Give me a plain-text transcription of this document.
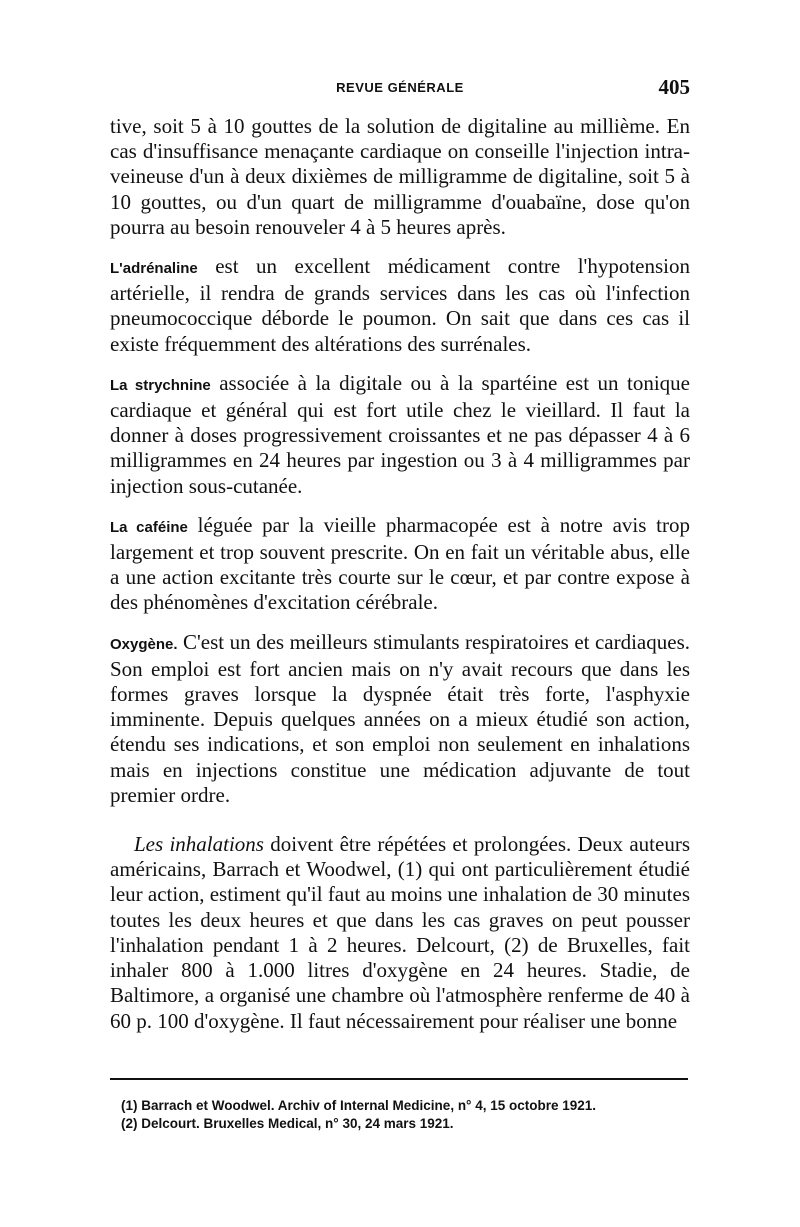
REVUE GÉNÉRALE	405

tive, soit 5 à 10 gouttes de la solution de digitaline au millième. En cas d'insuffisance menaçante cardiaque on conseille l'injection intra-veineuse d'un à deux dixièmes de milligramme de digitaline, soit 5 à 10 gouttes, ou d'un quart de milligramme d'ouabaïne, dose qu'on pourra au besoin renouveler 4 à 5 heures après.

L'adrénaline est un excellent médicament contre l'hypotension artérielle, il rendra de grands services dans les cas où l'infection pneumococcique déborde le poumon. On sait que dans ces cas il existe fréquemment des altérations des surrénales.

La strychnine associée à la digitale ou à la spartéine est un tonique cardiaque et général qui est fort utile chez le vieillard. Il faut la donner à doses progressivement croissantes et ne pas dépasser 4 à 6 milligrammes en 24 heures par ingestion ou 3 à 4 milligrammes par injection sous-cutanée.

La caféine léguée par la vieille pharmacopée est à notre avis trop largement et trop souvent prescrite. On en fait un véritable abus, elle a une action excitante très courte sur le cœur, et par contre expose à des phénomènes d'excitation cérébrale.

Oxygène. C'est un des meilleurs stimulants respiratoires et cardiaques. Son emploi est fort ancien mais on n'y avait recours que dans les formes graves lorsque la dyspnée était très forte, l'asphyxie imminente. Depuis quelques années on a mieux étudié son action, étendu ses indications, et son emploi non seulement en inhalations mais en injections constitue une médication adjuvante de tout premier ordre.

Les inhalations doivent être répétées et prolongées. Deux auteurs américains, Barrach et Woodwel, (1) qui ont particulièrement étudié leur action, estiment qu'il faut au moins une inhalation de 30 minutes toutes les deux heures et que dans les cas graves on peut pousser l'inhalation pendant 1 à 2 heures. Delcourt, (2) de Bruxelles, fait inhaler 800 à 1.000 litres d'oxygène en 24 heures. Stadie, de Baltimore, a organisé une chambre où l'atmosphère renferme de 40 à 60 p. 100 d'oxygène. Il faut nécessairement pour réaliser une bonne

(1) Barrach et Woodwel. Archiv of Internal Medicine, n° 4, 15 octobre 1921.
(2) Delcourt. Bruxelles Medical, n° 30, 24 mars 1921.
